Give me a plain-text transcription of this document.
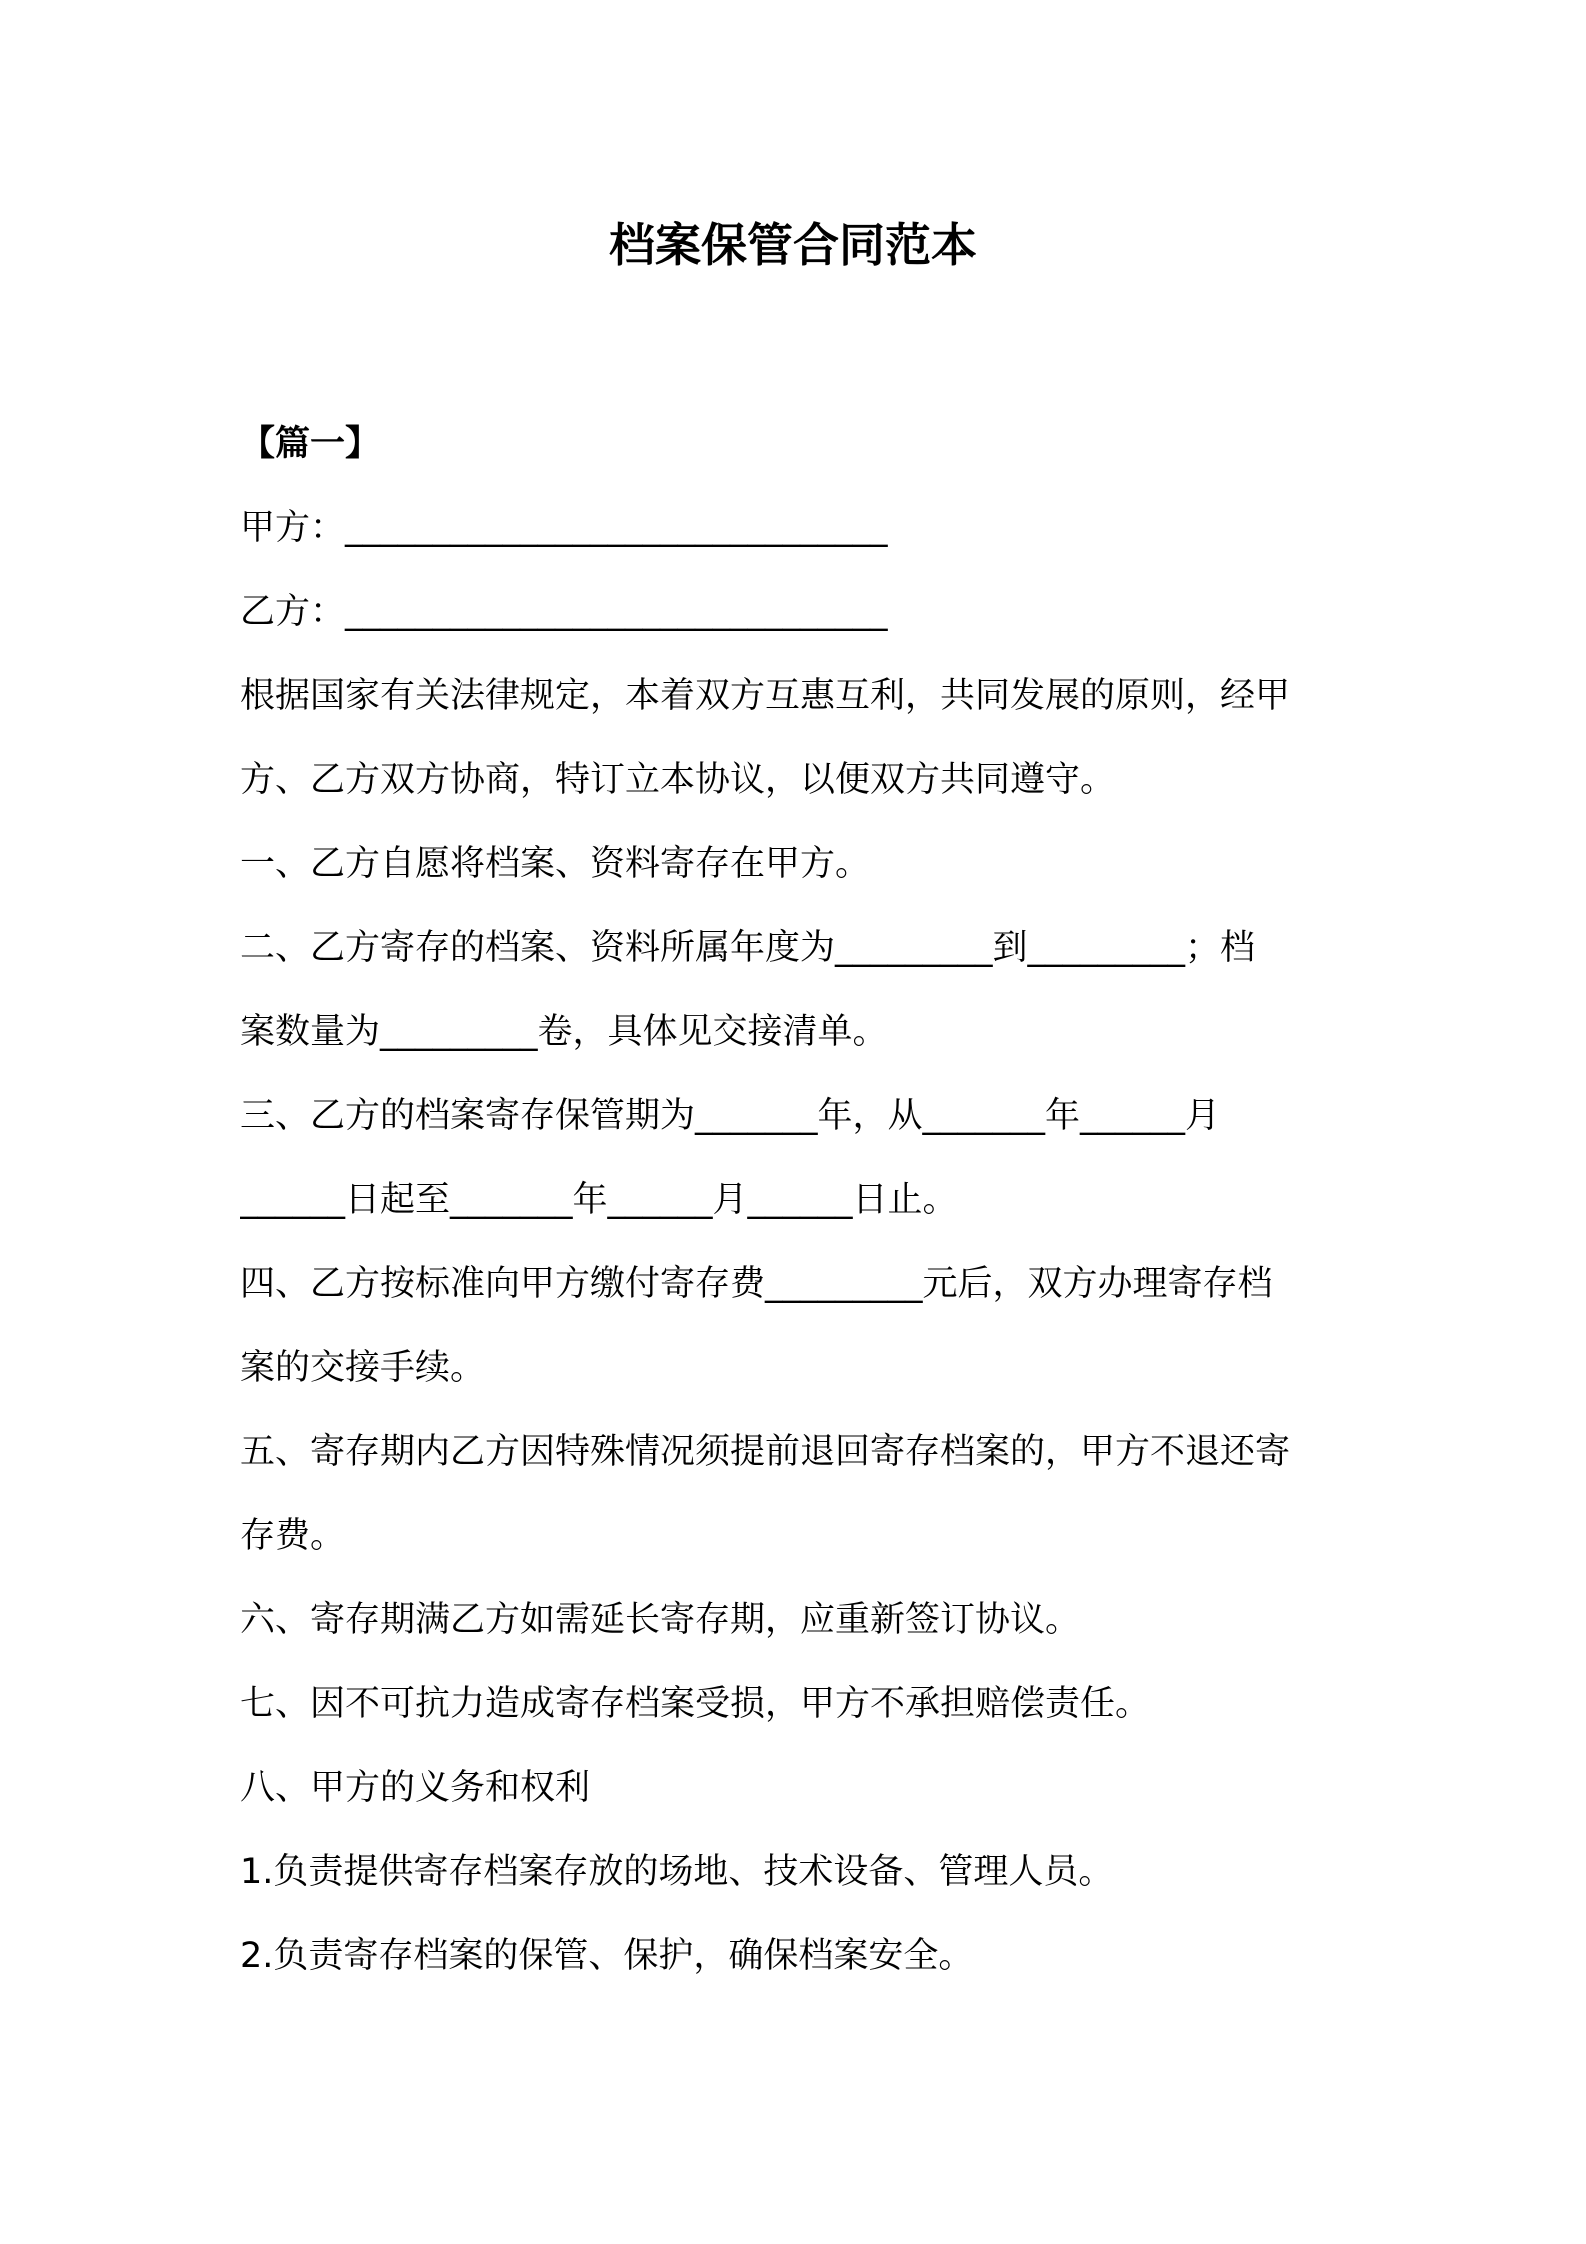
档案保管合同范本
【篇一】
甲方：_______________________________
乙方：_______________________________
根据国家有关法律规定，本着双方互惠互利，共同发展的原则，经甲
方、乙方双方协商，特订立本协议，以便双方共同遵守。
一、乙方自愿将档案、资料寄存在甲方。
二、乙方寄存的档案、资料所属年度为_________到_________；档
案数量为_________卷，具体见交接清单。
三、乙方的档案寄存保管期为_______年，从_______年______月
______日起至_______年______月______日止。
四、乙方按标准向甲方缴付寄存费_________元后，双方办理寄存档
案的交接手续。
五、寄存期内乙方因特殊情况须提前退回寄存档案的，甲方不退还寄
存费。
六、寄存期满乙方如需延长寄存期，应重新签订协议。
七、因不可抗力造成寄存档案受损，甲方不承担赔偿责任。
八、甲方的义务和权利
1.负责提供寄存档案存放的场地、技术设备、管理人员。
2.负责寄存档案的保管、保护，确保档案安全。
